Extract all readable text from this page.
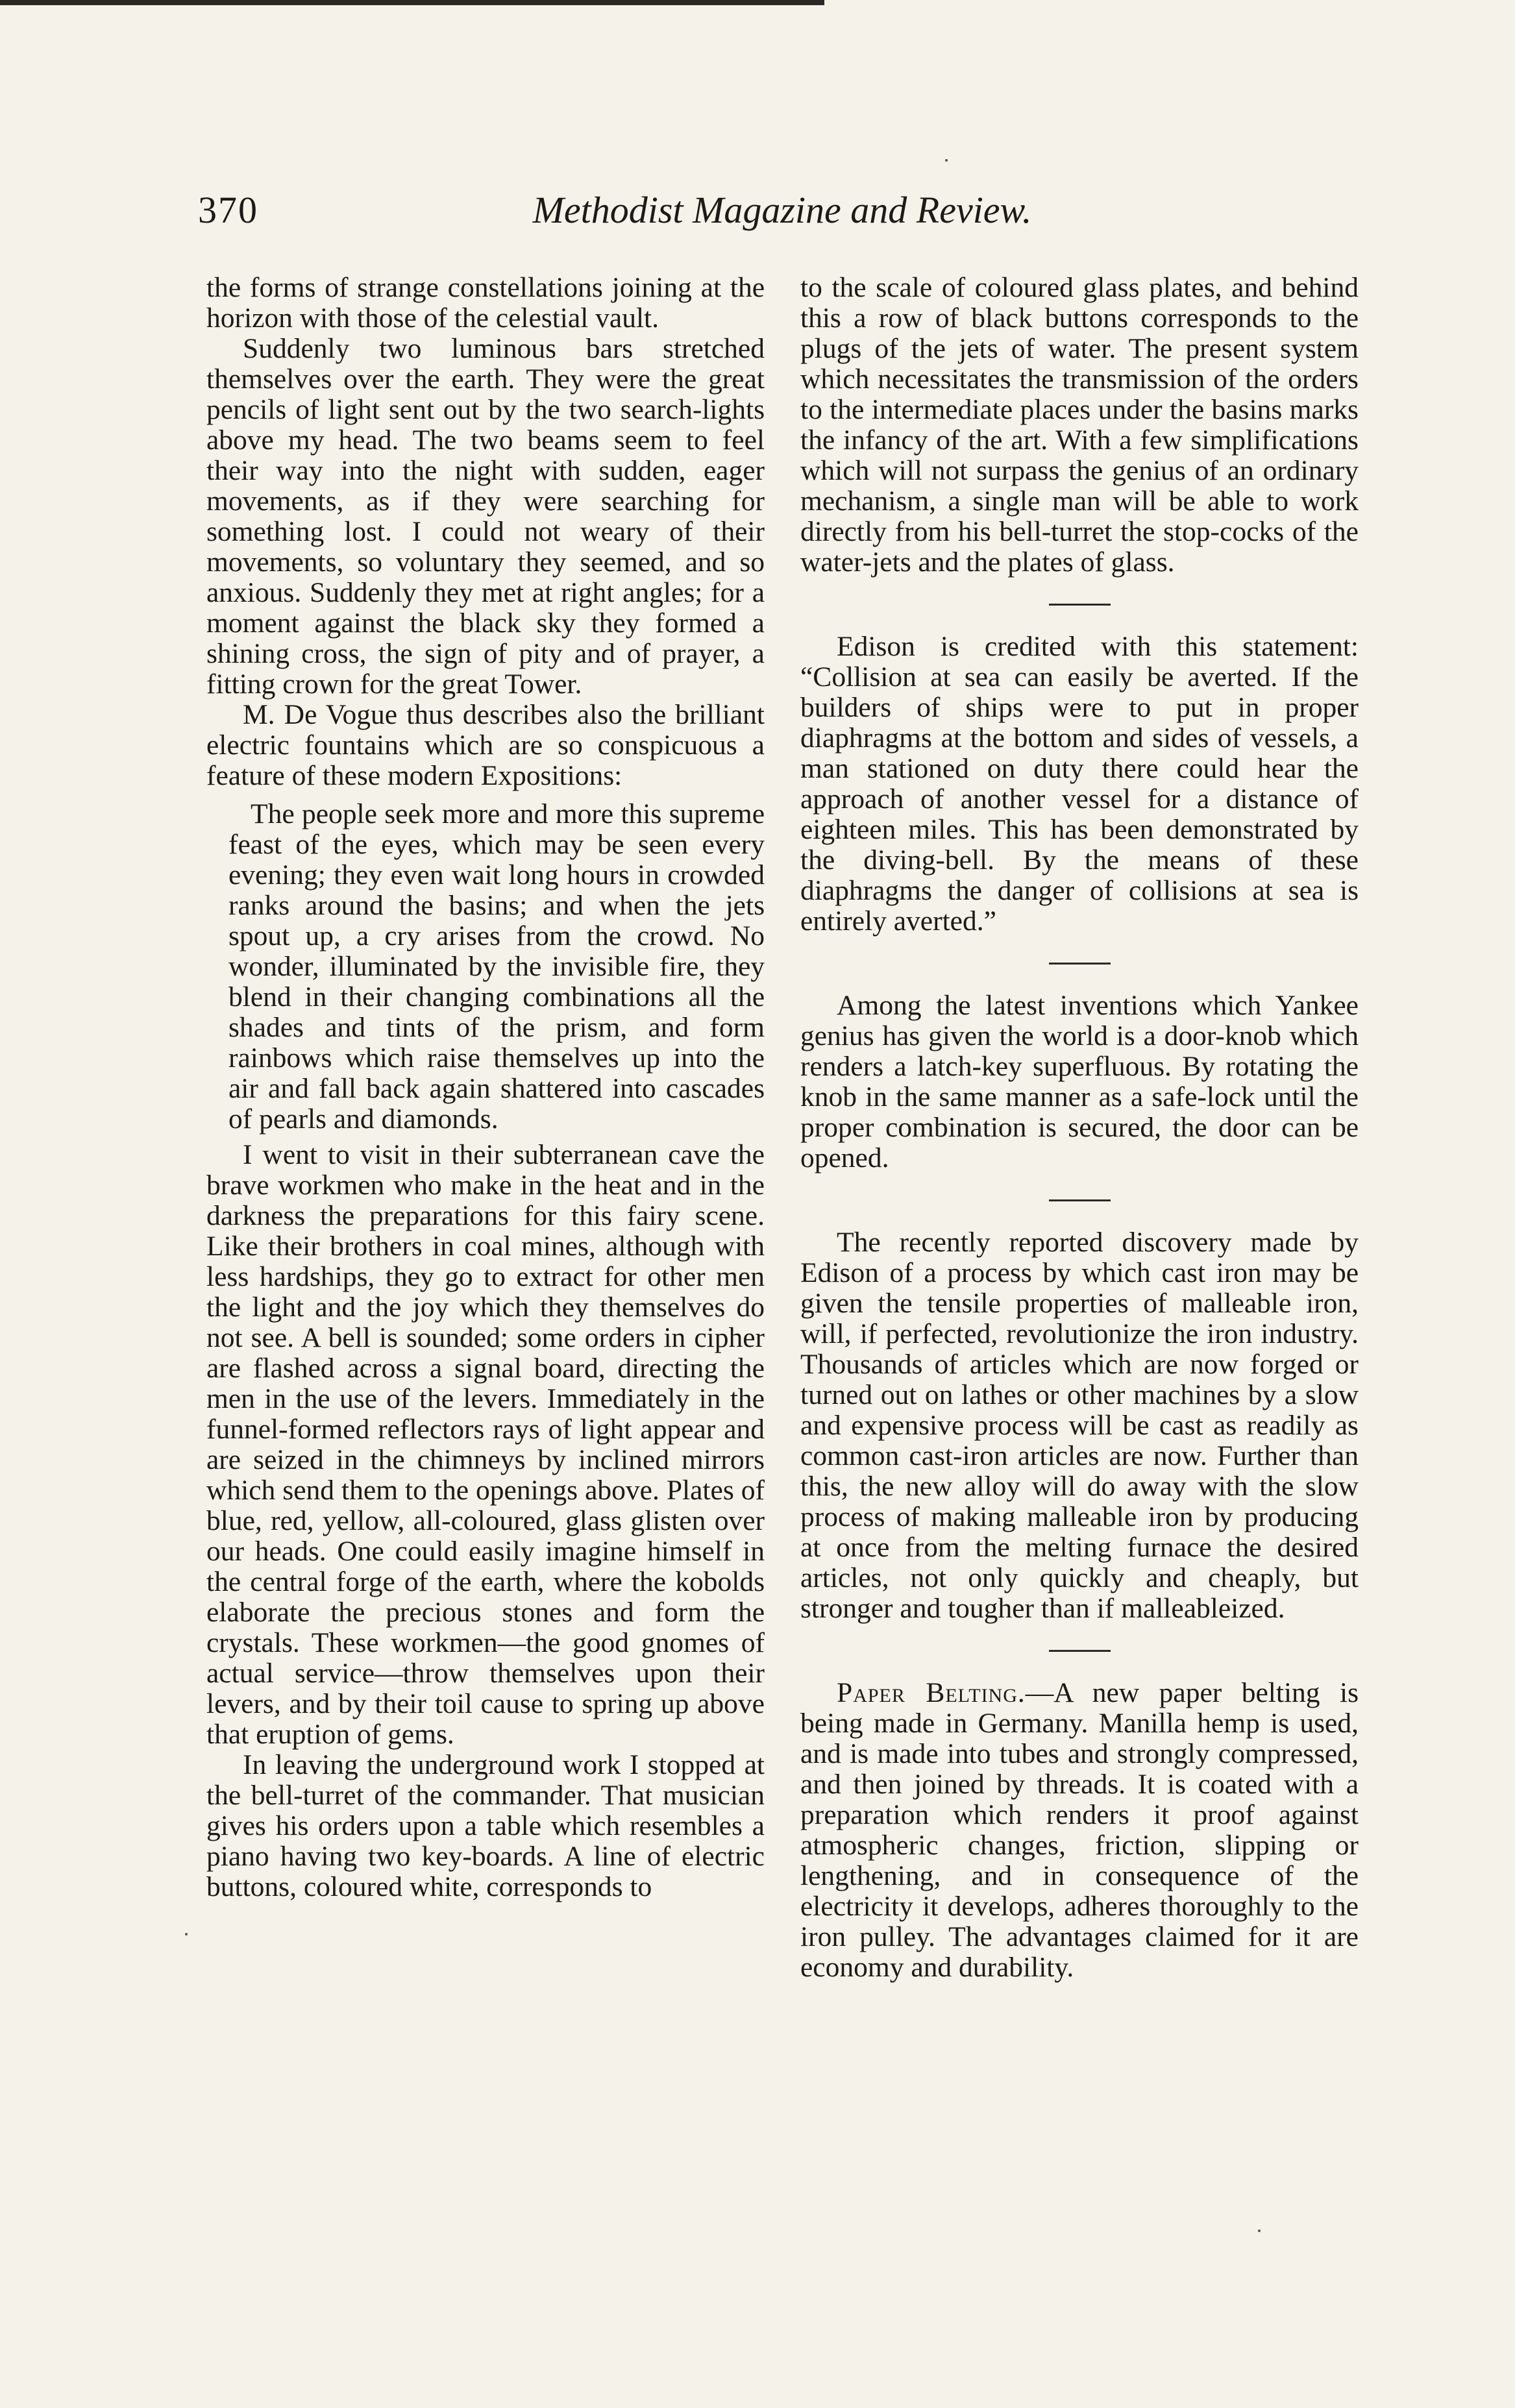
370	Methodist Magazine and Review.

the forms of strange constellations joining at the horizon with those of the celestial vault.

Suddenly two luminous bars stretched themselves over the earth. They were the great pencils of light sent out by the two search-lights above my head. The two beams seem to feel their way into the night with sudden, eager movements, as if they were searching for something lost. I could not weary of their movements, so voluntary they seemed, and so anxious. Suddenly they met at right angles; for a moment against the black sky they formed a shining cross, the sign of pity and of prayer, a fitting crown for the great Tower.

M. De Vogue thus describes also the brilliant electric fountains which are so conspicuous a feature of these modern Expositions:

The people seek more and more this supreme feast of the eyes, which may be seen every evening; they even wait long hours in crowded ranks around the basins; and when the jets spout up, a cry arises from the crowd. No wonder, illuminated by the invisible fire, they blend in their changing combinations all the shades and tints of the prism, and form rainbows which raise themselves up into the air and fall back again shattered into cascades of pearls and diamonds.

I went to visit in their subterranean cave the brave workmen who make in the heat and in the darkness the preparations for this fairy scene. Like their brothers in coal mines, although with less hardships, they go to extract for other men the light and the joy which they themselves do not see. A bell is sounded; some orders in cipher are flashed across a signal board, directing the men in the use of the levers. Immediately in the funnel-formed reflectors rays of light appear and are seized in the chimneys by inclined mirrors which send them to the openings above. Plates of blue, red, yellow, all-coloured, glass glisten over our heads. One could easily imagine himself in the central forge of the earth, where the kobolds elaborate the precious stones and form the crystals. These workmen—the good gnomes of actual service—throw themselves upon their levers, and by their toil cause to spring up above that eruption of gems.

In leaving the underground work I stopped at the bell-turret of the commander. That musician gives his orders upon a table which resembles a piano having two key-boards. A line of electric buttons, coloured white, corresponds to

to the scale of coloured glass plates, and behind this a row of black buttons corresponds to the plugs of the jets of water. The present system which necessitates the transmission of the orders to the intermediate places under the basins marks the infancy of the art. With a few simplifications which will not surpass the genius of an ordinary mechanism, a single man will be able to work directly from his bell-turret the stop-cocks of the water-jets and the plates of glass.

Edison is credited with this statement: “Collision at sea can easily be averted. If the builders of ships were to put in proper diaphragms at the bottom and sides of vessels, a man stationed on duty there could hear the approach of another vessel for a distance of eighteen miles. This has been demonstrated by the diving-bell. By the means of these diaphragms the danger of collisions at sea is entirely averted.”

Among the latest inventions which Yankee genius has given the world is a door-knob which renders a latch-key superfluous. By rotating the knob in the same manner as a safe-lock until the proper combination is secured, the door can be opened.

The recently reported discovery made by Edison of a process by which cast iron may be given the tensile properties of malleable iron, will, if perfected, revolutionize the iron industry. Thousands of articles which are now forged or turned out on lathes or other machines by a slow and expensive process will be cast as readily as common cast-iron articles are now. Further than this, the new alloy will do away with the slow process of making malleable iron by producing at once from the melting furnace the desired articles, not only quickly and cheaply, but stronger and tougher than if malleableized.

Paper Belting.—A new paper belting is being made in Germany. Manilla hemp is used, and is made into tubes and strongly compressed, and then joined by threads. It is coated with a preparation which renders it proof against atmospheric changes, friction, slipping or lengthening, and in consequence of the electricity it develops, adheres thoroughly to the iron pulley. The advantages claimed for it are economy and durability.
